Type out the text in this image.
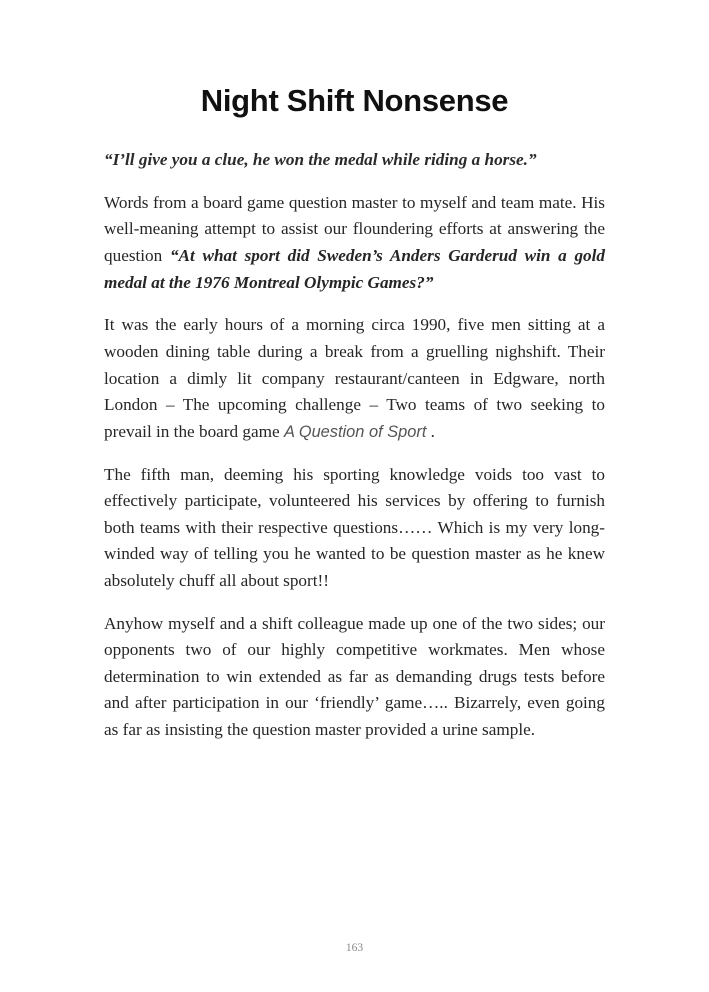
Night Shift Nonsense

“I’ll give you a clue, he won the medal while riding a horse.”

Words from a board game question master to myself and team mate. His well-meaning attempt to assist our floundering efforts at answering the question “At what sport did Sweden’s Anders Garderud win a gold medal at the 1976 Montreal Olympic Games?”

It was the early hours of a morning circa 1990, five men sitting at a wooden dining table during a break from a gruelling nighshift. Their location a dimly lit company restaurant/canteen in Edgware, north London – The upcoming challenge – Two teams of two seeking to prevail in the board game A Question of Sport .

The fifth man, deeming his sporting knowledge voids too vast to effectively participate, volunteered his services by offering to furnish both teams with their respective questions…… Which is my very long-winded way of telling you he wanted to be question master as he knew absolutely chuff all about sport!!

Anyhow myself and a shift colleague made up one of the two sides; our opponents two of our highly competitive workmates. Men whose determination to win extended as far as demanding drugs tests before and after participation in our ‘friendly’ game….. Bizarrely, even going as far as insisting the question master provided a urine sample.

163
